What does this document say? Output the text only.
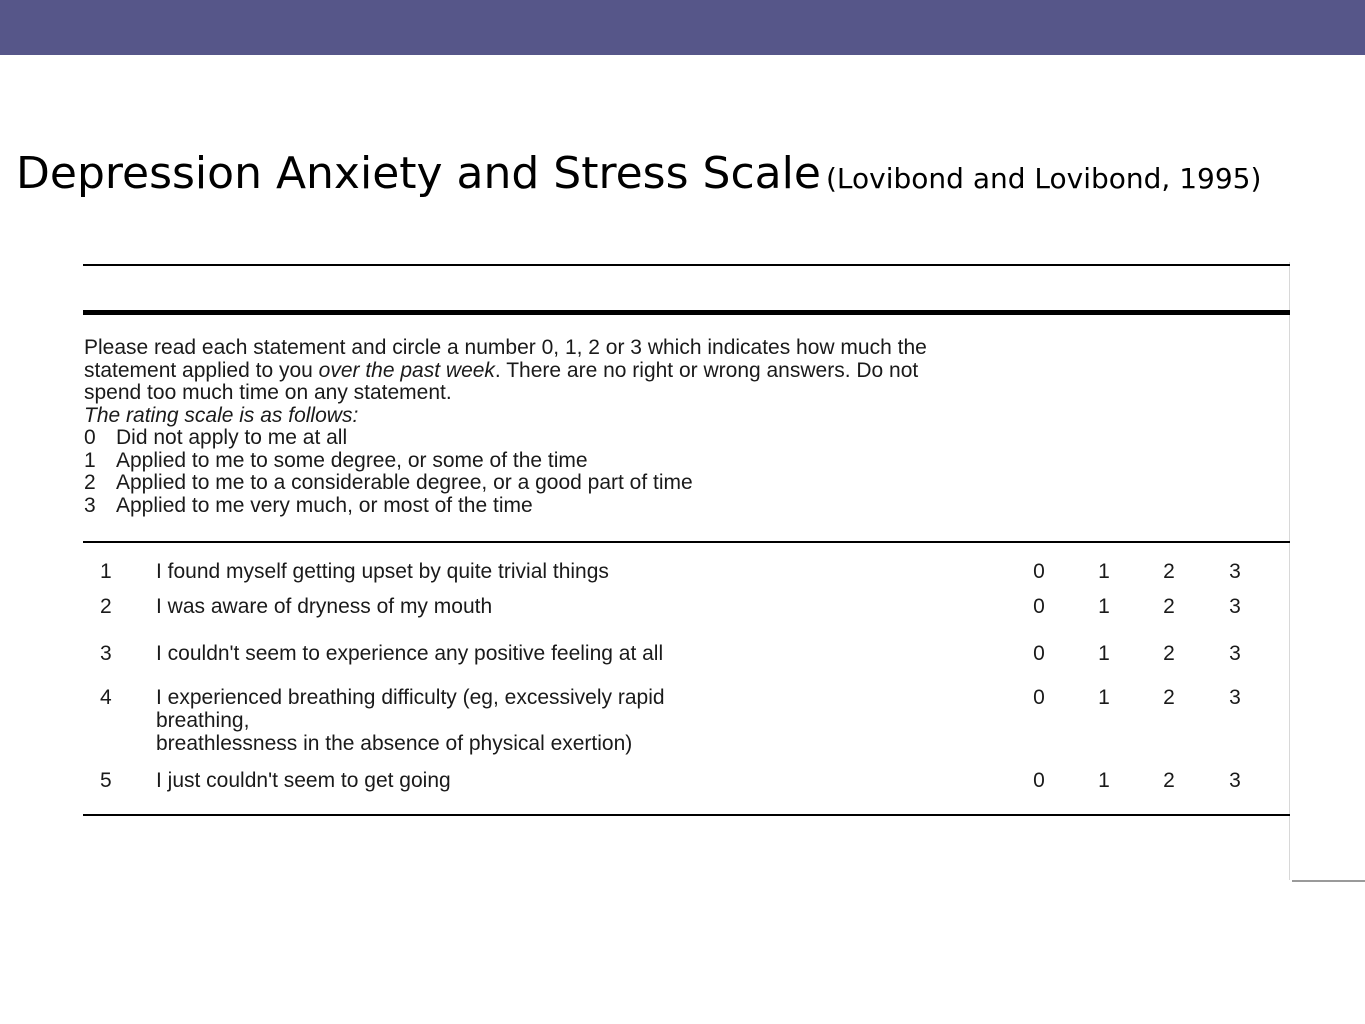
Depression Anxiety and Stress Scale (Lovibond and Lovibond, 1995)

Please read each statement and circle a number 0, 1, 2 or 3 which indicates how much the

statement applied to you over the past week. There are no right or wrong answers. Do not

spend too much time on any statement.

The rating scale is as follows:

0 Did not apply to me at all

1 Applied to me to some degree, or some of the time

2 Applied to me to a considerable degree, or a good part of time

3 Applied to me very much, or most of the time

1 I found myself getting upset by quite trivial things	0	1	2	3
2 I was aware of dryness of my mouth	0	1	2	3
3 I couldn't seem to experience any positive feeling at all	0	1	2	3
4 I experienced breathing difficulty (eg, excessively rapid
breathing,
breathlessness in the absence of physical exertion)
0	1	2	3
5 I just couldn't seem to get going	0	1	2	3
